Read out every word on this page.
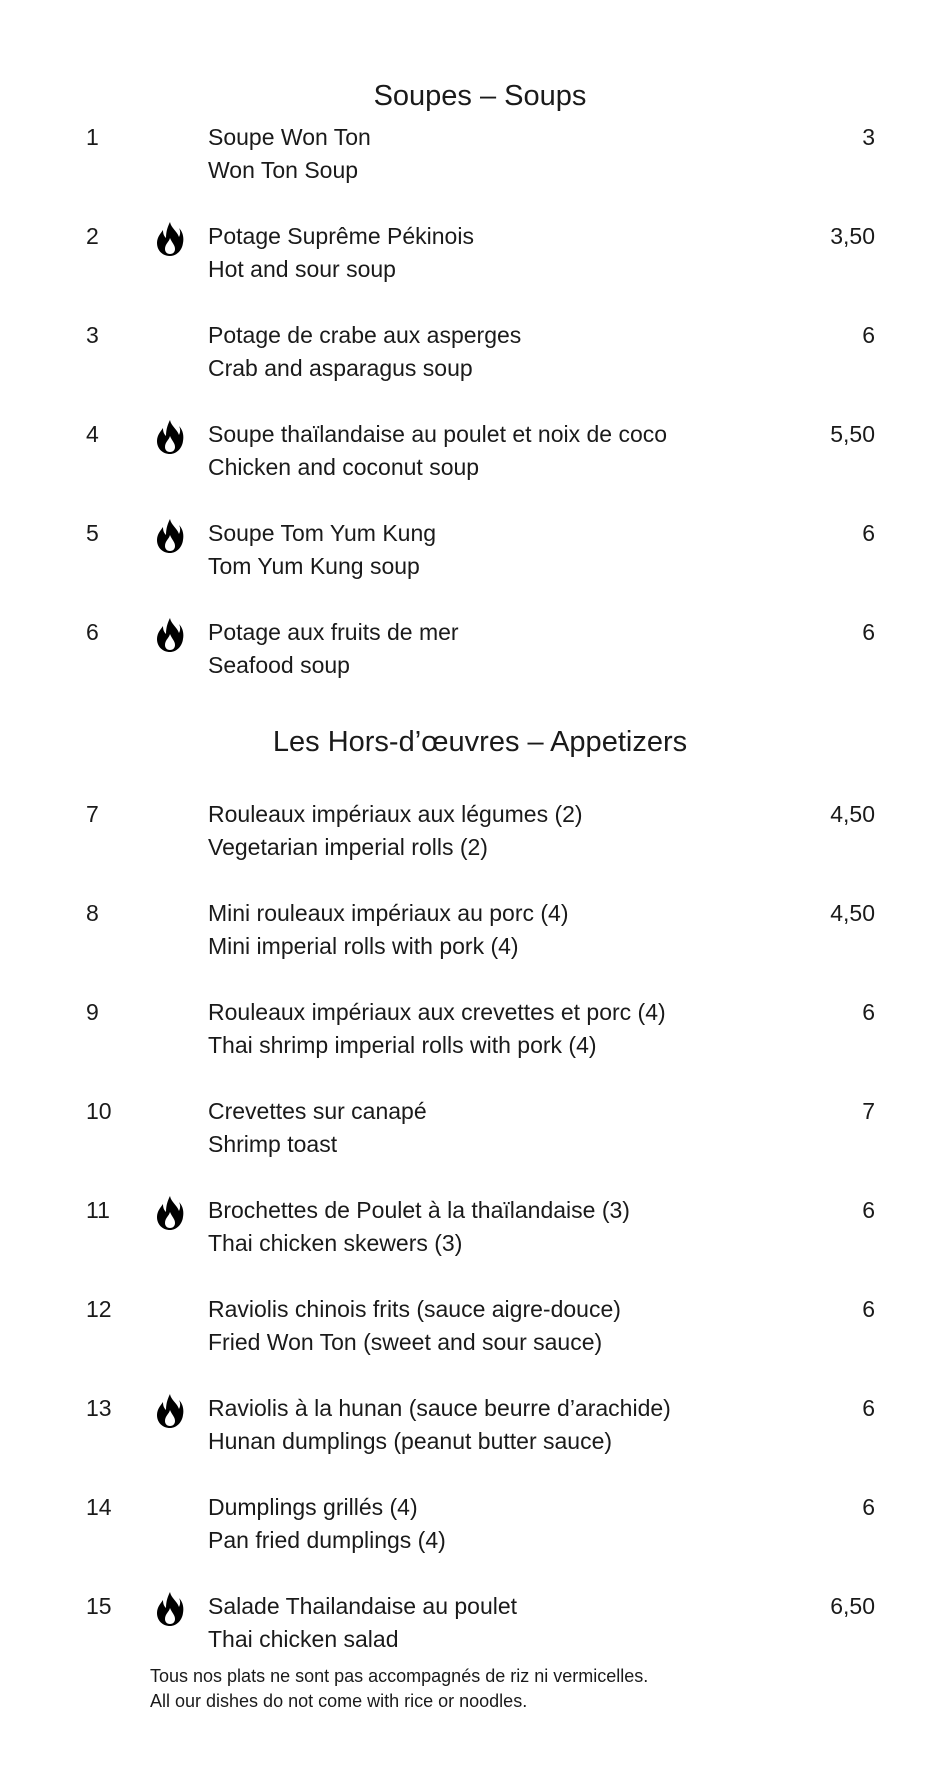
Soupes – Soups
1	Soupe Won Ton
Won Ton Soup
3
2	Potage Suprême Pékinois
Hot and sour soup
3,50
3	Potage de crabe aux asperges
Crab and asparagus soup
6
4	Soupe thaïlandaise au poulet et noix de coco
Chicken and coconut soup
5,50
5	Soupe Tom Yum Kung
Tom Yum Kung soup
6
6	Potage aux fruits de mer
Seafood soup
6
Les Hors-d’œuvres – Appetizers
7	Rouleaux impériaux aux légumes (2)
Vegetarian imperial rolls (2)
4,50
8	Mini rouleaux impériaux au porc (4)
Mini imperial rolls with pork (4)
4,50
9	Rouleaux impériaux aux crevettes et porc (4)
Thai shrimp imperial rolls with pork (4)
6
10	Crevettes sur canapé
Shrimp toast
7
11	Brochettes de Poulet à la thaïlandaise (3)
Thai chicken skewers (3)
6
12	Raviolis chinois frits (sauce aigre-douce)
Fried Won Ton (sweet and sour sauce)
6
13	Raviolis à la hunan (sauce beurre d’arachide)
Hunan dumplings (peanut butter sauce)
6
14	Dumplings grillés (4)
Pan fried dumplings (4)
6
15	Salade Thailandaise au poulet
Thai chicken salad
6,50
Tous nos plats ne sont pas accompagnés de riz ni vermicelles.
All our dishes do not come with rice or noodles.
